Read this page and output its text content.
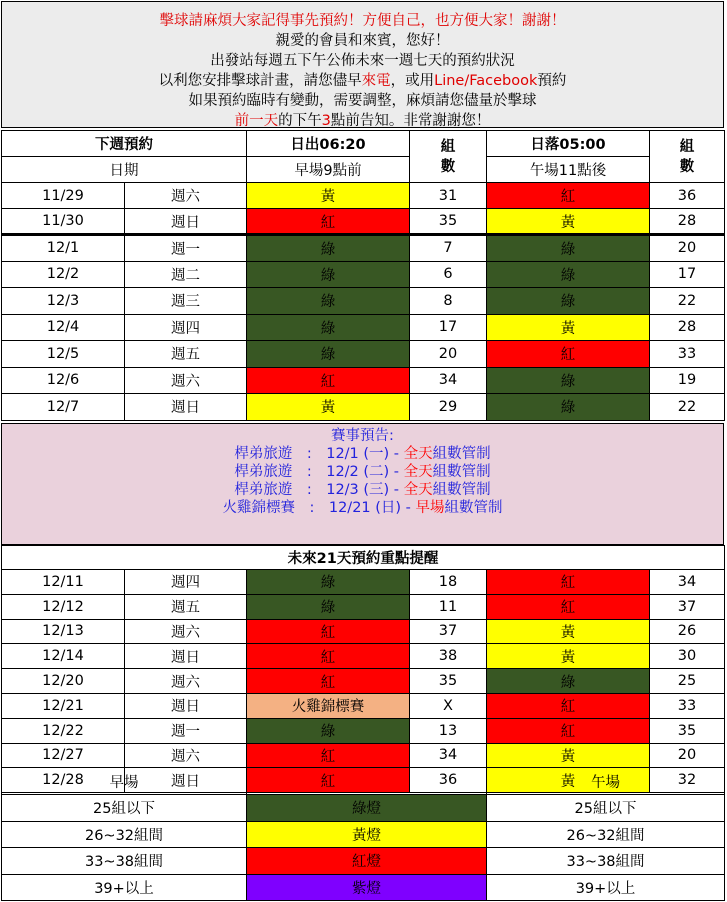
擊球請麻煩大家記得事先預約！方便自己，也方便大家！謝謝！
親愛的會員和來賓，您好！
出發站每週五下午公佈未來一週七天的預約狀況
以利您安排擊球計畫，請您儘早來電，或用Line/Facebook預約
如果預約臨時有變動，需要調整，麻煩請您儘量於擊球
前一天的下午3點前告知。非常謝謝您！
下週預約		日出06:20	組數	日落05:00	組數

日期		早場9點前		午場11點後	
11/29	週六	黃	31	紅	36
11/30	週日	紅	35	黃	28
12/1	週一	綠	7	綠	20
12/2	週二	綠	6	綠	17
12/3	週三	綠	8	綠	22
12/4	週四	綠	17	黃	28
12/5	週五	綠	20	紅	33
12/6	週六	紅	34	綠	19
12/7	週日	黃	29	綠	22
賽事預告:
桿弟旅遊　:　12/1 (一) - 全天組數管制
桿弟旅遊　:　12/2 (二) - 全天組數管制
桿弟旅遊　:　12/3 (三) - 全天組數管制
火雞錦標賽　:　12/21 (日) - 早場組數管制
未來21天預約重點提醒					
12/11	週四	綠	18	紅	34
12/12	週五	綠	11	紅	37
12/13	週六	紅	37	黃	26
12/14	週日	紅	38	黃	30
12/20	週六	紅	35	綠	25
12/21	週日	火雞錦標賽	X	紅	33
12/22	週一	綠	13	紅	35
12/27	週六	紅	34	黃	20
12/28	週日	紅	36	黃	32
早場		午場
25組以下	綠燈	25組以下
26~32組間	黃燈	26~32組間
33~38組間	紅燈	33~38組間
39+以上	紫燈	39+以上
